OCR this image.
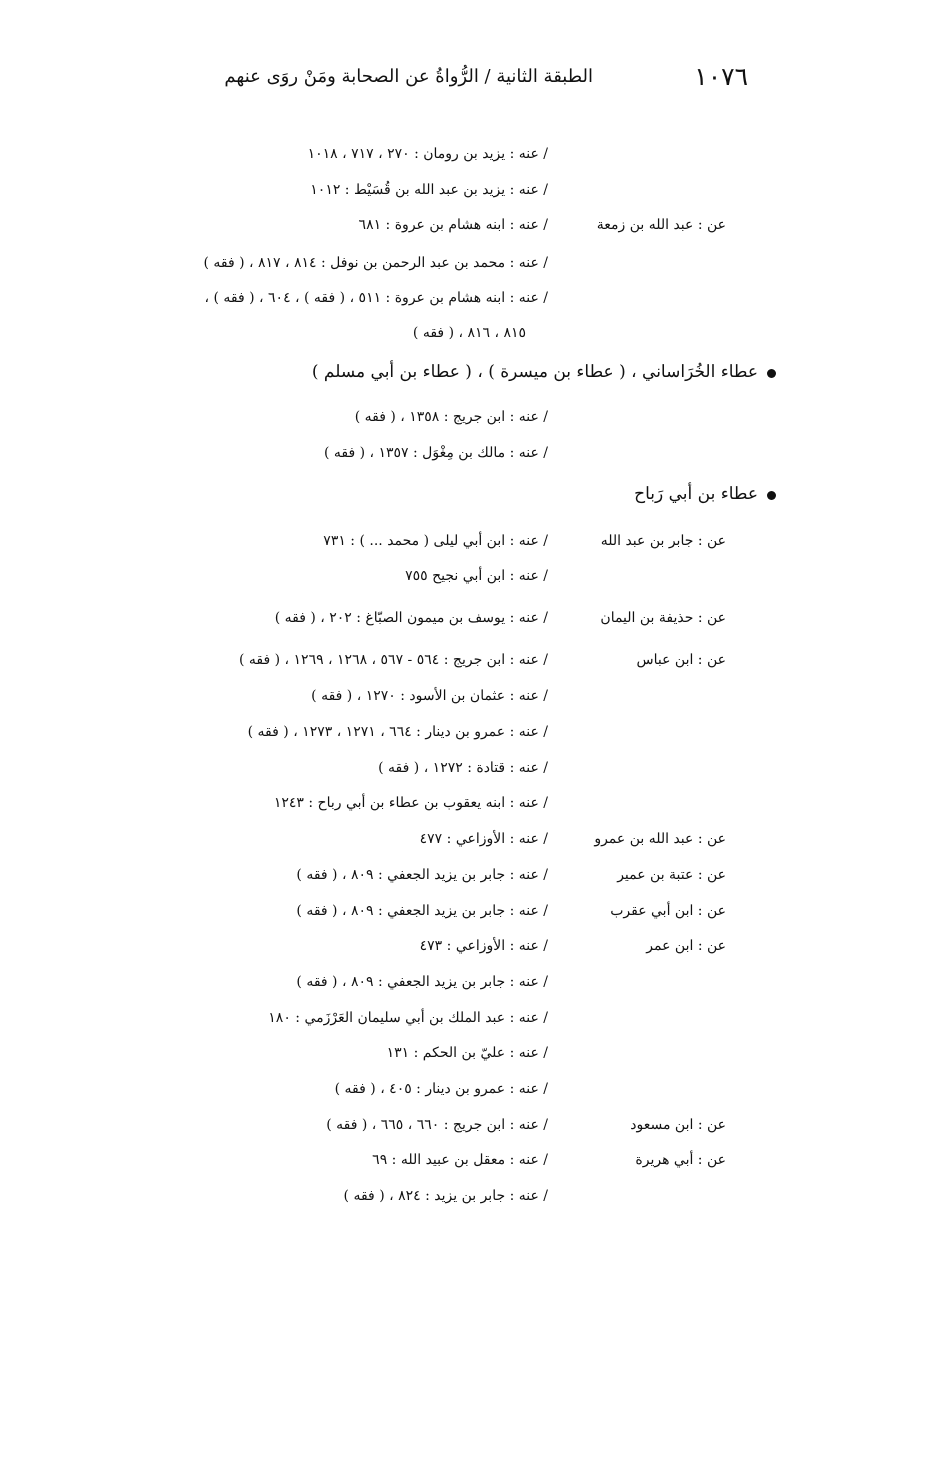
١٠٧٦
الطبقة الثانية / الرُّواةُ عن الصحابة ومَنْ روَى عنهم
/ عنه : يزيد بن رومان : ٢٧٠ ، ٧١٧ ، ١٠١٨
/ عنه : يزيد بن عبد الله بن قُسَيْط : ١٠١٢
عن : عبد الله بن زمعة
/ عنه : ابنه هشام بن عروة : ٦٨١
/ عنه : محمد بن عبد الرحمن بن نوفل : ٨١٤ ، ٨١٧ ، ( فقه )
/ عنه : ابنه هشام بن عروة : ٥١١ ، ( فقه ) ، ٦٠٤ ، ( فقه ) ،
٨١٥ ، ٨١٦ ، ( فقه )
عطاء الخُرَاساني ، ( عطاء بن ميسرة ) ، ( عطاء بن أبي مسلم )
/ عنه : ابن جريج : ١٣٥٨ ، ( فقه )
/ عنه : مالك بن مِغْوَل : ١٣٥٧ ، ( فقه )
عطاء بن أبي رَباح
عن : جابر بن عبد الله
/ عنه : ابن أبي ليلى ( محمد ... ) : ٧٣١
/ عنه : ابن أبي نجيح ٧٥٥
عن : حذيفة بن اليمان
/ عنه : يوسف بن ميمون الصبّاغ : ٢٠٢ ، ( فقه )
عن : ابن عباس
/ عنه : ابن جريج : ٥٦٤ - ٥٦٧ ، ١٢٦٨ ، ١٢٦٩ ، ( فقه )
/ عنه : عثمان بن الأسود : ١٢٧٠ ، ( فقه )
/ عنه : عمرو بن دينار : ٦٦٤ ، ١٢٧١ ، ١٢٧٣ ، ( فقه )
/ عنه : قتادة : ١٢٧٢ ، ( فقه )
/ عنه : ابنه يعقوب بن عطاء بن أبي رباح : ١٢٤٣
عن : عبد الله بن عمرو
/ عنه : الأوزاعي : ٤٧٧
عن : عتبة بن عمير
/ عنه : جابر بن يزيد الجعفي : ٨٠٩ ، ( فقه )
عن : ابن أبي عقرب
/ عنه : جابر بن يزيد الجعفي : ٨٠٩ ، ( فقه )
عن : ابن عمر
/ عنه : الأوزاعي : ٤٧٣
/ عنه : جابر بن يزيد الجعفي : ٨٠٩ ، ( فقه )
/ عنه : عبد الملك بن أبي سليمان العَرْزَمي : ١٨٠
/ عنه : عليّ بن الحكم : ١٣١
/ عنه : عمرو بن دينار : ٤٠٥ ، ( فقه )
عن : ابن مسعود
/ عنه : ابن جريج : ٦٦٠ ، ٦٦٥ ، ( فقه )
عن : أبي هريرة
/ عنه : معقل بن عبيد الله : ٦٩
/ عنه : جابر بن يزيد : ٨٢٤ ، ( فقه )
